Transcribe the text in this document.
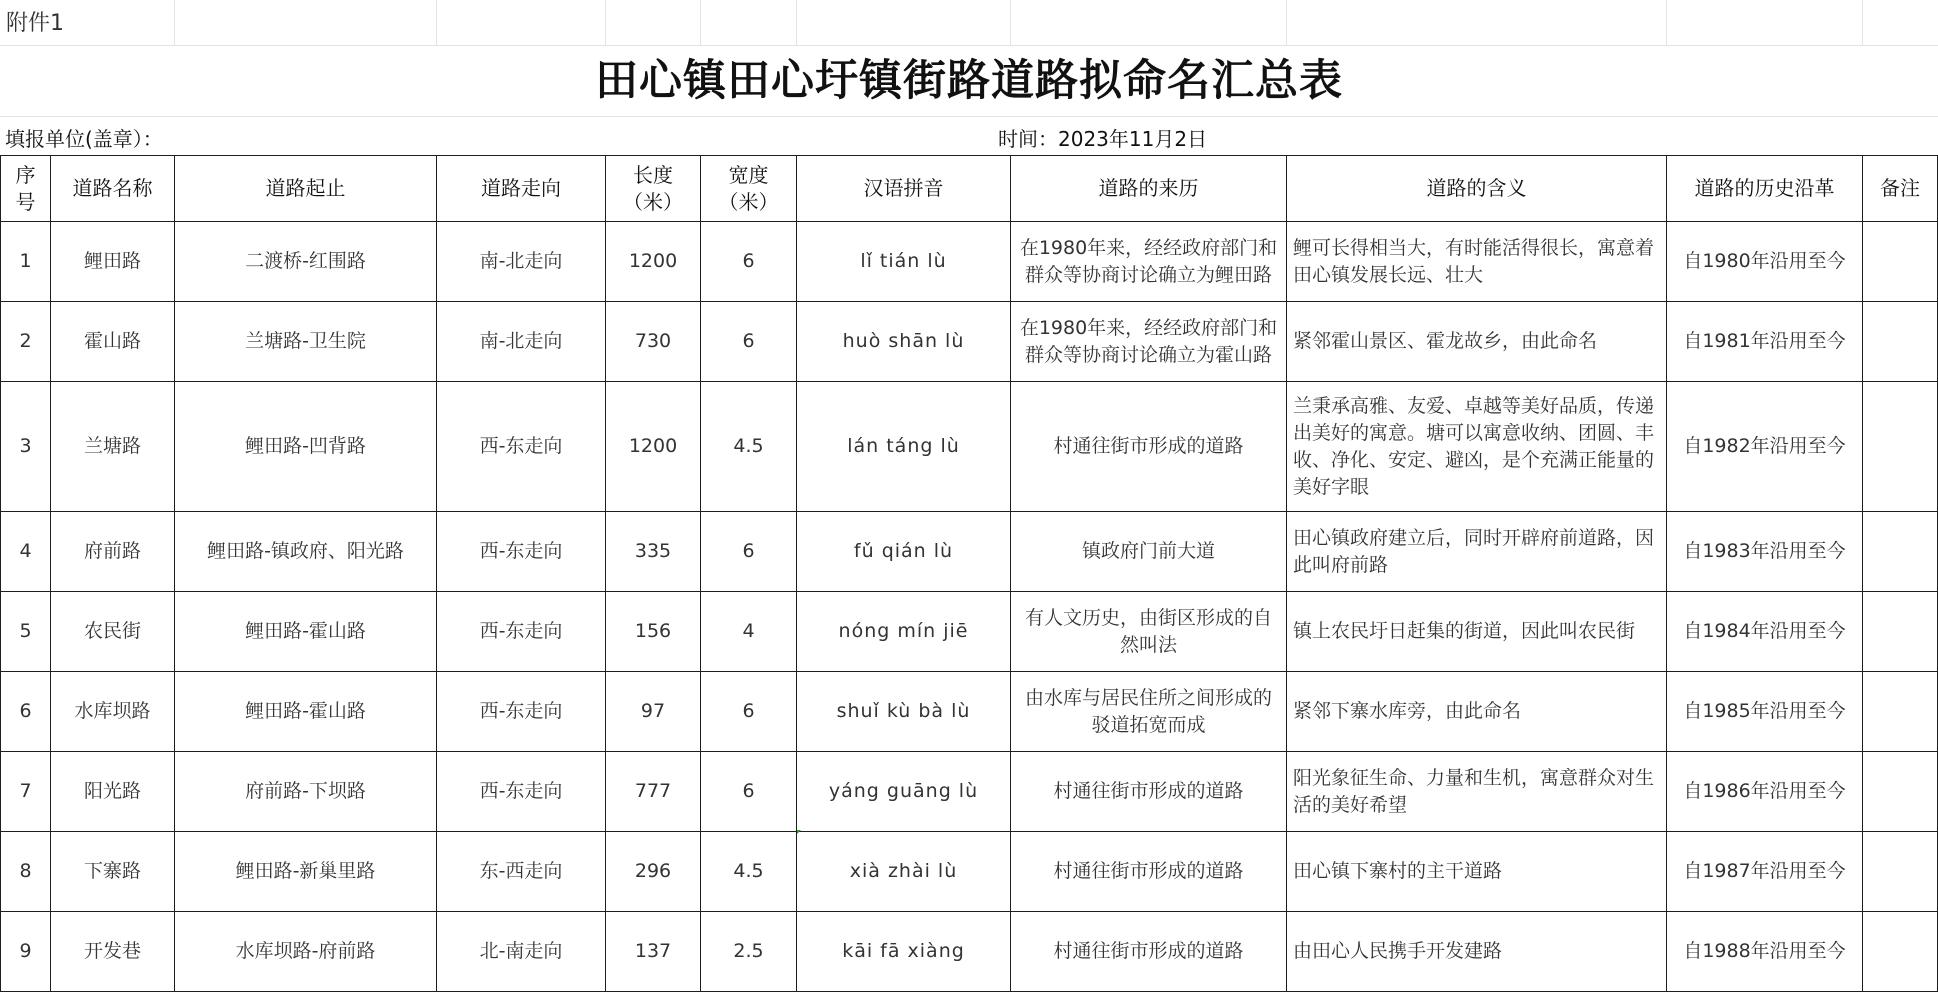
附件1
田心镇田心圩镇街路道路拟命名汇总表
填报单位(盖章）：	时间：2023年11月2日
序号	道路名称	道路起止	道路走向	长度（米）	宽度（米）	汉语拼音	道路的来历	道路的含义	道路的历史沿革	备注
1	鲤田路	二渡桥-红围路	南-北走向	1200	6	lǐ tián lù	在1980年来，经经政府部门和群众等协商讨论确立为鲤田路	鲤可长得相当大，有时能活得很长，寓意着田心镇发展长远、壮大	自1980年沿用至今	
2	霍山路	兰塘路-卫生院	南-北走向	730	6	huò shān lù	在1980年来，经经政府部门和群众等协商讨论确立为霍山路	紧邻霍山景区、霍龙故乡，由此命名	自1981年沿用至今	
3	兰塘路	鲤田路-凹背路	西-东走向	1200	4.5	lán táng lù	村通往街市形成的道路	兰秉承高雅、友爱、卓越等美好品质，传递出美好的寓意。塘可以寓意收纳、团圆、丰收、净化、安定、避凶，是个充满正能量的美好字眼	自1982年沿用至今	
4	府前路	鲤田路-镇政府、阳光路	西-东走向	335	6	fǔ qián lù	镇政府门前大道	田心镇政府建立后，同时开辟府前道路，因此叫府前路	自1983年沿用至今	
5	农民街	鲤田路-霍山路	西-东走向	156	4	nóng mín jiē	有人文历史，由街区形成的自然叫法	镇上农民圩日赶集的街道，因此叫农民街	自1984年沿用至今	
6	水库坝路	鲤田路-霍山路	西-东走向	97	6	shuǐ kù bà lù	由水库与居民住所之间形成的驳道拓宽而成	紧邻下寨水库旁，由此命名	自1985年沿用至今	
7	阳光路	府前路-下坝路	西-东走向	777	6	yáng guāng lù	村通往街市形成的道路	阳光象征生命、力量和生机，寓意群众对生活的美好希望	自1986年沿用至今	
8	下寨路	鲤田路-新巢里路	东-西走向	296	4.5	xià zhài lù	村通往街市形成的道路	田心镇下寨村的主干道路	自1987年沿用至今	
9	开发巷	水库坝路-府前路	北-南走向	137	2.5	kāi fā xiàng	村通往街市形成的道路	由田心人民携手开发建路	自1988年沿用至今	
